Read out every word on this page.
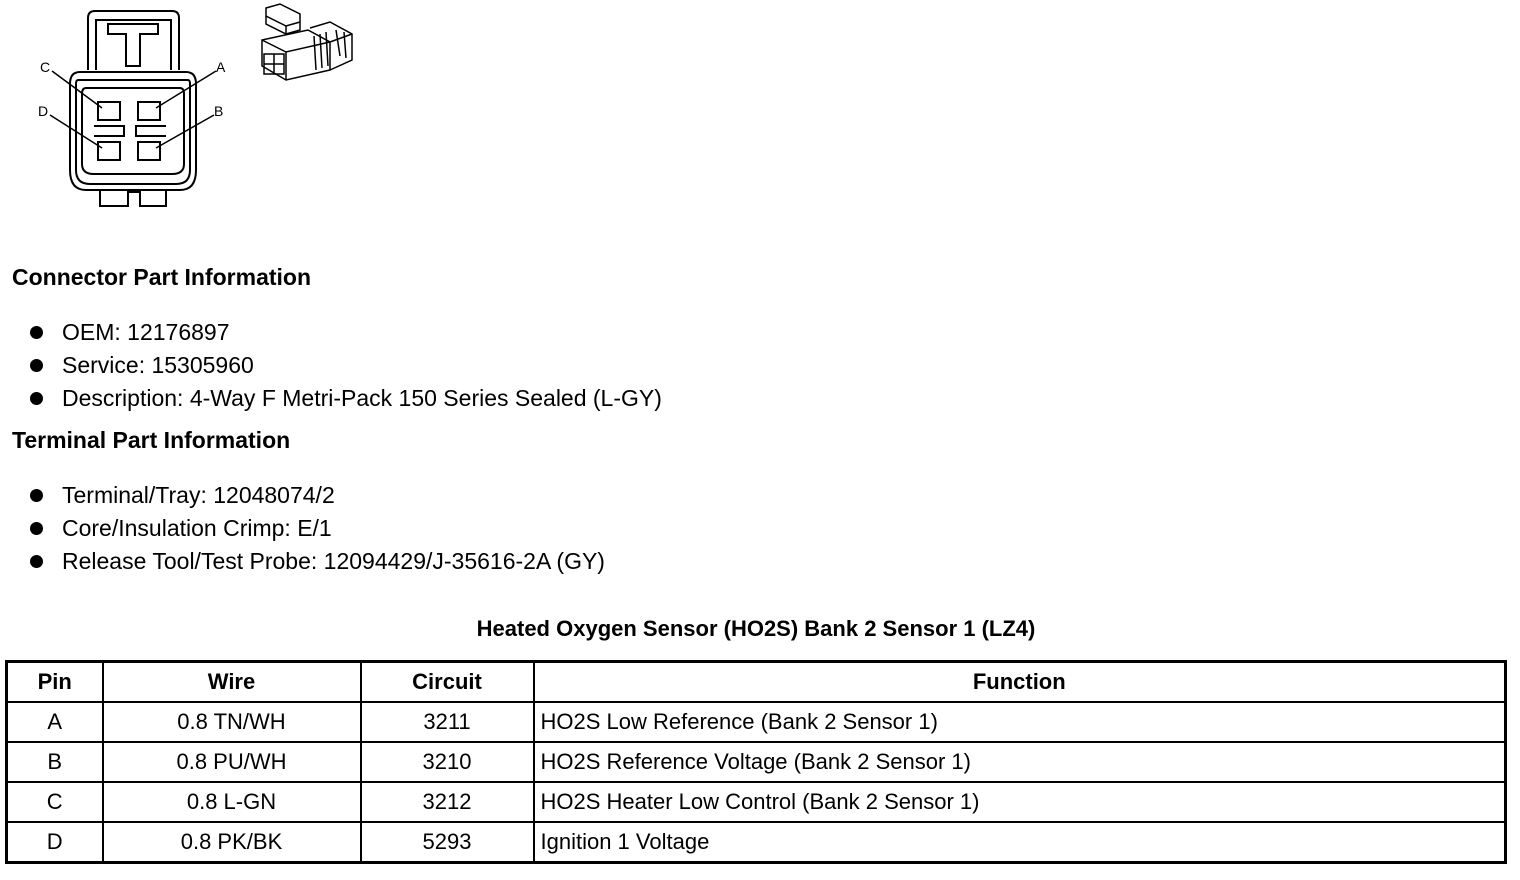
C	A
D	B
Connector Part Information
OEM: 12176897
Service: 15305960
Description: 4-Way F Metri-Pack 150 Series Sealed (L-GY)
Terminal Part Information
Terminal/Tray: 12048074/2
Core/Insulation Crimp: E/1
Release Tool/Test Probe: 12094429/J-35616-2A (GY)
Heated Oxygen Sensor (HO2S) Bank 2 Sensor 1 (LZ4)
Pin	Wire	Circuit	Function
A	0.8 TN/WH	3211	HO2S Low Reference (Bank 2 Sensor 1)
B	0.8 PU/WH	3210	HO2S Reference Voltage (Bank 2 Sensor 1)
C	0.8 L-GN	3212	HO2S Heater Low Control (Bank 2 Sensor 1)
D	0.8 PK/BK	5293	Ignition 1 Voltage
